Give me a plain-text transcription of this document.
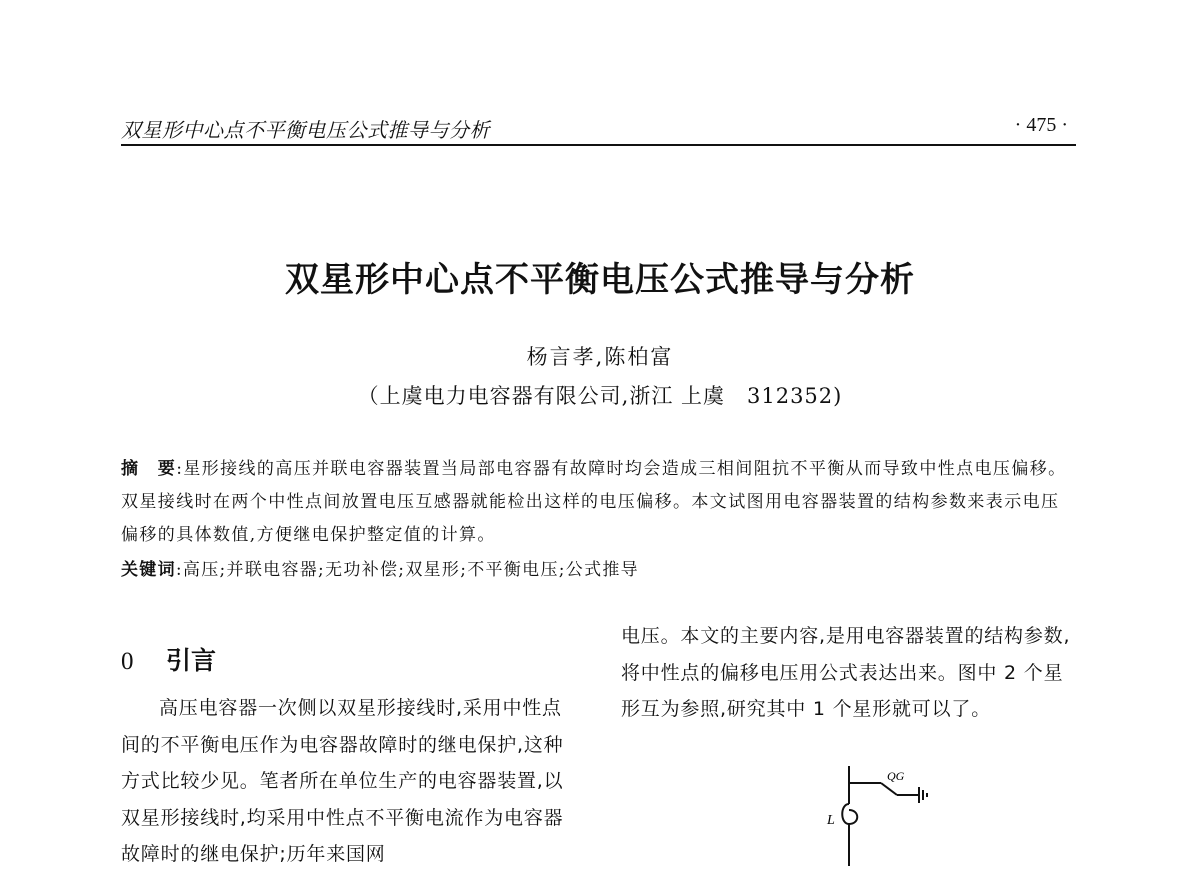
双星形中心点不平衡电压公式推导与分析	· 475 ·
双星形中心点不平衡电压公式推导与分析
杨言孝,陈柏富
（上虞电力电容器有限公司,浙江 上虞　312352)
摘　要:星形接线的高压并联电容器装置当局部电容器有故障时均会造成三相间阻抗不平衡从而导致中性点电压偏移。双星接线时在两个中性点间放置电压互感器就能检出这样的电压偏移。本文试图用电容器装置的结构参数来表示电压偏移的具体数值,方便继电保护整定值的计算。
关键词:高压;并联电容器;无功补偿;双星形;不平衡电压;公式推导
0 引言
高压电容器一次侧以双星形接线时,采用中性点间的不平衡电压作为电容器故障时的继电保护,这种方式比较少见。笔者所在单位生产的电容器装置,以双星形接线时,均采用中性点不平衡电流作为电容器故障时的继电保护;历年来国网
电压。本文的主要内容,是用电容器装置的结构参数,将中性点的偏移电压用公式表达出来。图中 2 个星形互为参照,研究其中 1 个星形就可以了。
QG
L
